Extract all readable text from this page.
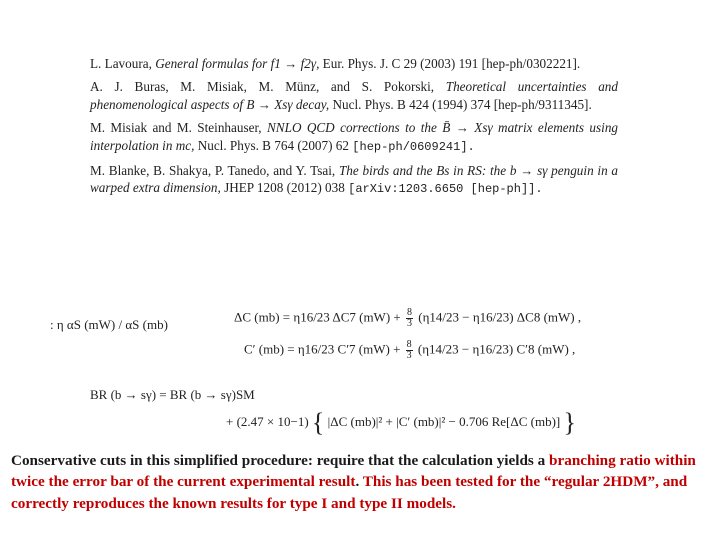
L. Lavoura, General formulas for f1 → f2γ, Eur. Phys. J. C 29 (2003) 191 [hep-ph/0302221].

A. J. Buras, M. Misiak, M. Münz, and S. Pokorski, Theoretical uncertainties and phenomenological aspects of B → Xsγ decay, Nucl. Phys. B 424 (1994) 374 [hep-ph/9311345].

M. Misiak and M. Steinhauser, NNLO QCD corrections to the B̄ → Xsγ matrix elements using interpolation in mc, Nucl. Phys. B 764 (2007) 62 [hep-ph/0609241].

M. Blanke, B. Shakya, P. Tanedo, and Y. Tsai, The birds and the Bs in RS: the b → sγ penguin in a warped extra dimension, JHEP 1208 (2012) 038 [arXiv:1203.6650 [hep-ph]].

: η αS (mW) / αS (mb)
ΔC (mb) = η16/23 ΔC7 $(mW) + \frac{8}{3} (\eta 14/23 - \eta 16/23)$ ΔC8 (mW) ,
C′ (mb) = η16/23 C′7 $(mW) + \frac{8}{3} (\eta 14/23 - \eta 16/23)$ C′8 (mW) ,
BR (b → sγ) = BR (b → sγ)SM
+ (2.47 × 10−1) { |ΔC (mb)|² + |C′ (mb)|² − 0.706 Re[ΔC (mb)] }
Conservative cuts in this simplified procedure: require that the calculation yields a branching ratio within twice the error bar of the current experimental result. This has been tested for the “regular 2HDM”, and correctly reproduces the known results for type I and type II models.
